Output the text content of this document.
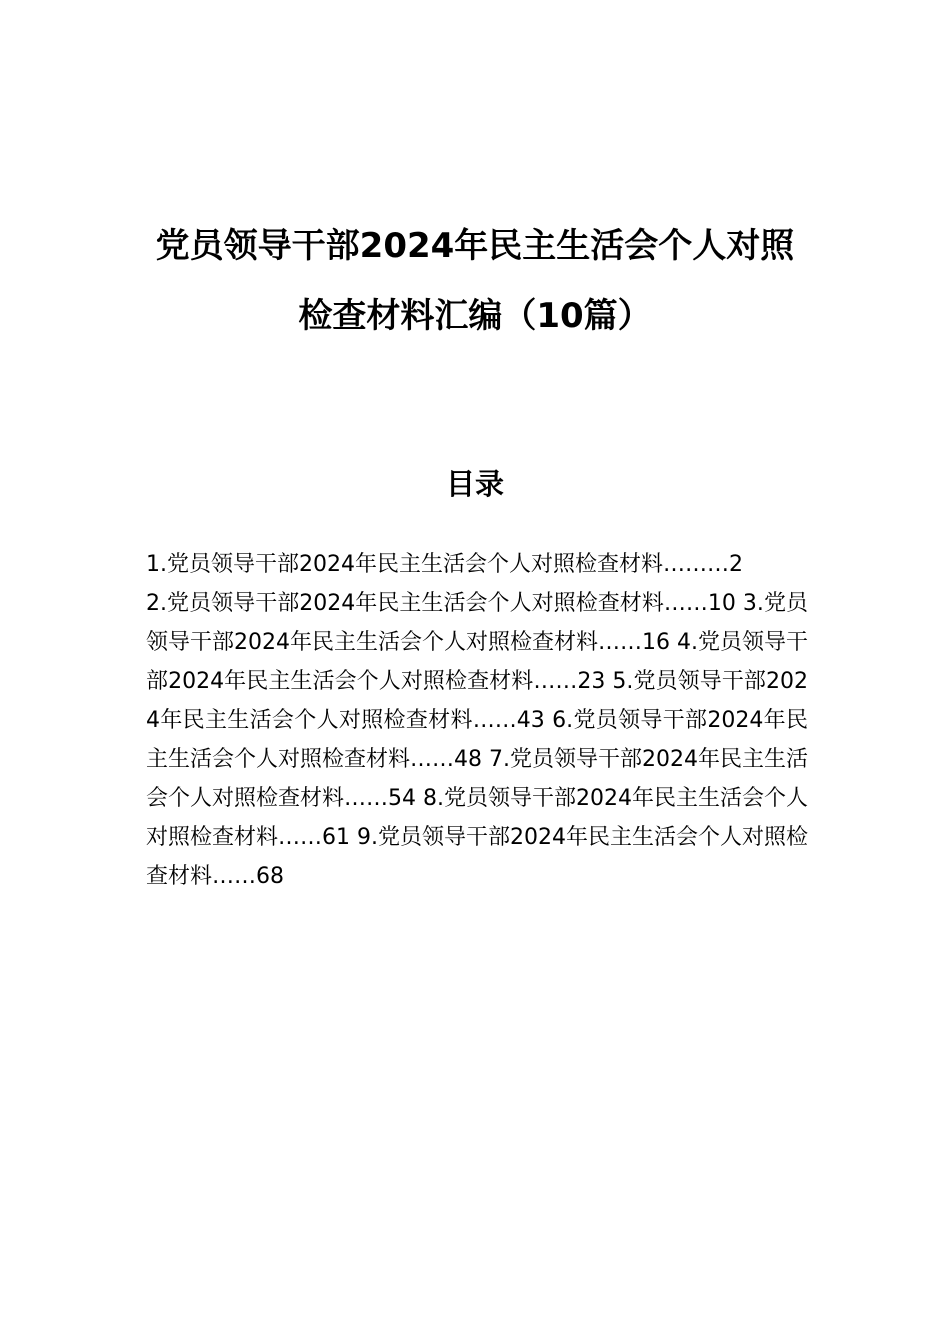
党员领导干部2024年民主生活会个人对照
检查材料汇编（10篇）
目录
1.党员领导干部2024年民主生活会个人对照检查材料………2
2.党员领导干部2024年民主生活会个人对照检查材料……10 3.党员领导干部2024年民主生活会个人对照检查材料……16 4.党员领导干部2024年民主生活会个人对照检查材料……23 5.党员领导干部2024年民主生活会个人对照检查材料……43 6.党员领导干部2024年民主生活会个人对照检查材料……48 7.党员领导干部2024年民主生活会个人对照检查材料……54 8.党员领导干部2024年民主生活会个人对照检查材料……61 9.党员领导干部2024年民主生活会个人对照检查材料……68
